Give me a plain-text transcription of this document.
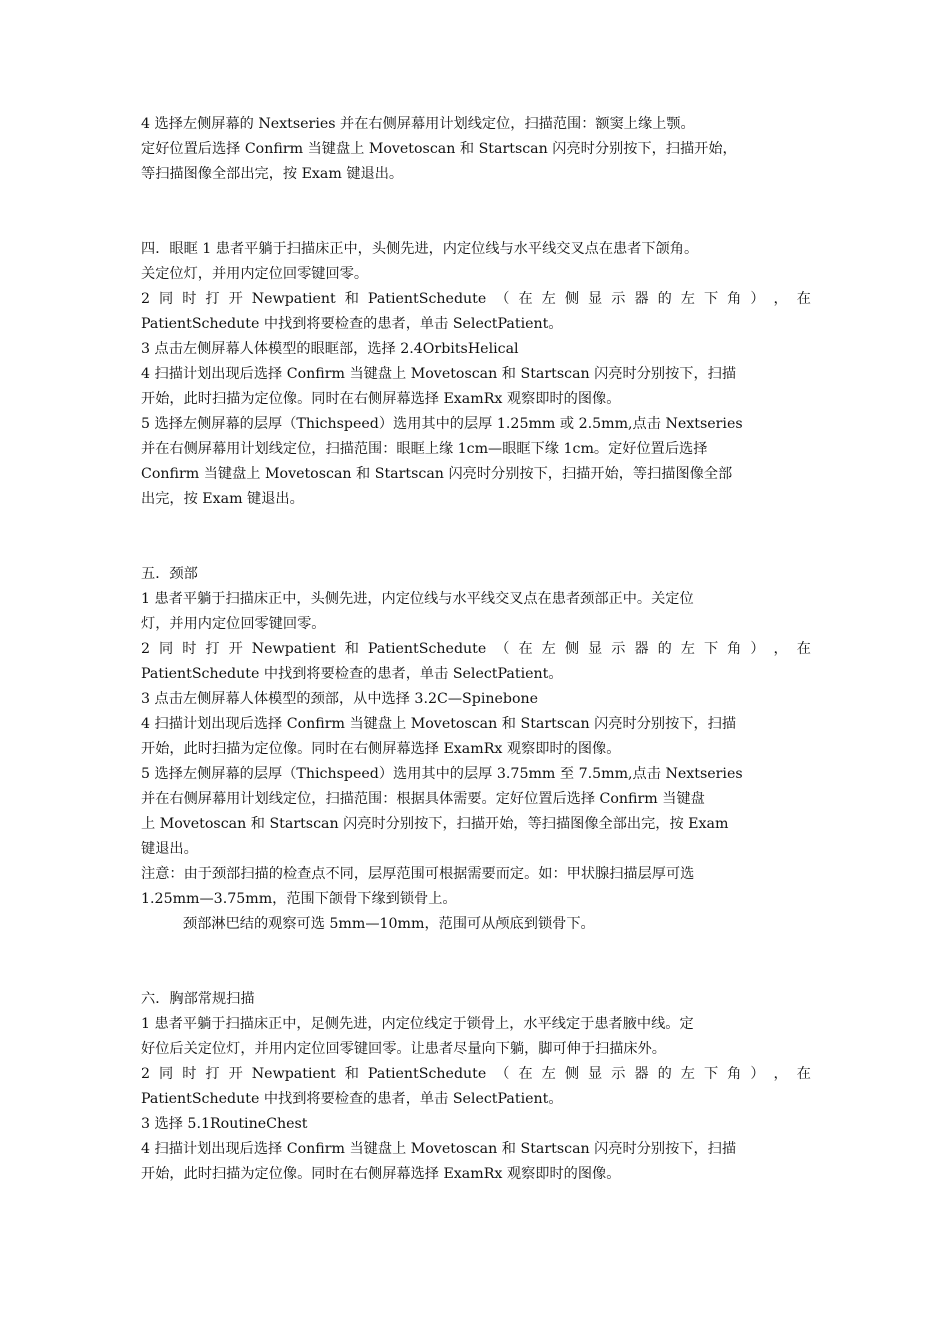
4 选择左侧屏幕的 Nextseries 并在右侧屏幕用计划线定位，扫描范围：额窦上缘上颚。
定好位置后选择 Confirm 当键盘上 Movetoscan 和 Startscan 闪亮时分别按下，扫描开始，
等扫描图像全部出完，按 Exam 键退出。
四．眼眶 1 患者平躺于扫描床正中，头侧先进，内定位线与水平线交叉点在患者下颌角。
关定位灯，并用内定位回零键回零。
2 同 时 打 开 Newpatient 和 PatientSchedute （ 在 左 侧 显 示 器 的 左 下 角 ） ， 在
PatientSchedute 中找到将要检查的患者，单击 SelectPatient。
3 点击左侧屏幕人体模型的眼眶部，选择 2.4OrbitsHelical
4 扫描计划出现后选择 Confirm 当键盘上 Movetoscan 和 Startscan 闪亮时分别按下，扫描
开始，此时扫描为定位像。同时在右侧屏幕选择 ExamRx 观察即时的图像。
5 选择左侧屏幕的层厚（Thichspeed）选用其中的层厚 1.25mm 或 2.5mm,点击 Nextseries
并在右侧屏幕用计划线定位，扫描范围：眼眶上缘 1cm—眼眶下缘 1cm。定好位置后选择
Confirm 当键盘上 Movetoscan 和 Startscan 闪亮时分别按下，扫描开始，等扫描图像全部
出完，按 Exam 键退出。
五．颈部
1 患者平躺于扫描床正中，头侧先进，内定位线与水平线交叉点在患者颈部正中。关定位
灯，并用内定位回零键回零。
2 同 时 打 开 Newpatient 和 PatientSchedute （ 在 左 侧 显 示 器 的 左 下 角 ） ， 在
PatientSchedute 中找到将要检查的患者，单击 SelectPatient。
3 点击左侧屏幕人体模型的颈部，从中选择 3.2C—Spinebone
4 扫描计划出现后选择 Confirm 当键盘上 Movetoscan 和 Startscan 闪亮时分别按下，扫描
开始，此时扫描为定位像。同时在右侧屏幕选择 ExamRx 观察即时的图像。
5 选择左侧屏幕的层厚（Thichspeed）选用其中的层厚 3.75mm 至 7.5mm,点击 Nextseries
并在右侧屏幕用计划线定位，扫描范围：根据具体需要。定好位置后选择 Confirm 当键盘
上 Movetoscan 和 Startscan 闪亮时分别按下，扫描开始，等扫描图像全部出完，按 Exam
键退出。
注意：由于颈部扫描的检查点不同，层厚范围可根据需要而定。如：甲状腺扫描层厚可选
1.25mm—3.75mm，范围下颌骨下缘到锁骨上。
颈部淋巴结的观察可选 5mm—10mm，范围可从颅底到锁骨下。
六．胸部常规扫描
1 患者平躺于扫描床正中，足侧先进，内定位线定于锁骨上，水平线定于患者腋中线。定
好位后关定位灯，并用内定位回零键回零。让患者尽量向下躺，脚可伸于扫描床外。
2 同 时 打 开 Newpatient 和 PatientSchedute （ 在 左 侧 显 示 器 的 左 下 角 ） ， 在
PatientSchedute 中找到将要检查的患者，单击 SelectPatient。
3 选择 5.1RoutineChest
4 扫描计划出现后选择 Confirm 当键盘上 Movetoscan 和 Startscan 闪亮时分别按下，扫描
开始，此时扫描为定位像。同时在右侧屏幕选择 ExamRx 观察即时的图像。
